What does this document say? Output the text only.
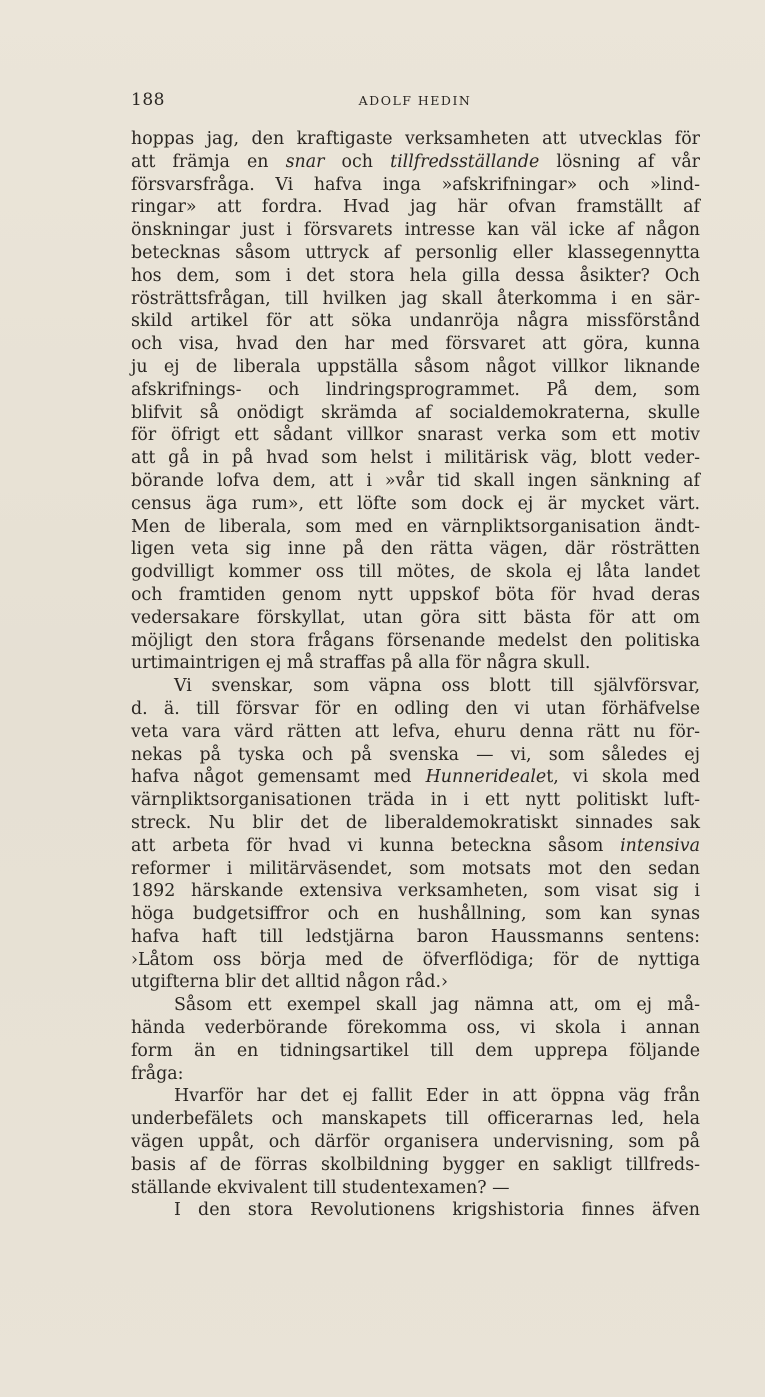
188	ADOLF HEDIN
hoppas jag, den kraftigaste verksamheten att utvecklas för
att främja en snar och tillfredsställande lösning af vår
försvarsfråga. Vi hafva inga »afskrifningar» och »lind-
ringar» att fordra. Hvad jag här ofvan framställt af
önskningar just i försvarets intresse kan väl icke af någon
betecknas såsom uttryck af personlig eller klassegennytta
hos dem, som i det stora hela gilla dessa åsikter? Och
rösträttsfrågan, till hvilken jag skall återkomma i en sär-
skild artikel för att söka undanröja några missförstånd
och visa, hvad den har med försvaret att göra, kunna
ju ej de liberala uppställa såsom något villkor liknande
afskrifnings- och lindringsprogrammet. På dem, som
blifvit så onödigt skrämda af socialdemokraterna, skulle
för öfrigt ett sådant villkor snarast verka som ett motiv
att gå in på hvad som helst i militärisk väg, blott veder-
börande lofva dem, att i »vår tid skall ingen sänkning af
census äga rum», ett löfte som dock ej är mycket värt.
Men de liberala, som med en värnpliktsorganisation ändt-
ligen veta sig inne på den rätta vägen, där rösträtten
godvilligt kommer oss till mötes, de skola ej låta landet
och framtiden genom nytt uppskof böta för hvad deras
vedersakare förskyllat, utan göra sitt bästa för att om
möjligt den stora frågans försenande medelst den politiska
urtimaintrigen ej må straffas på alla för några skull.
Vi svenskar, som väpna oss blott till självförsvar,
d. ä. till försvar för en odling den vi utan förhäfvelse
veta vara värd rätten att lefva, ehuru denna rätt nu för-
nekas på tyska och på svenska — vi, som således ej
hafva något gemensamt med Hunneridealet, vi skola med
värnpliktsorganisationen träda in i ett nytt politiskt luft-
streck. Nu blir det de liberaldemokratiskt sinnades sak
att arbeta för hvad vi kunna beteckna såsom intensiva
reformer i militärväsendet, som motsats mot den sedan
1892 härskande extensiva verksamheten, som visat sig i
höga budgetsiffror och en hushållning, som kan synas
hafva haft till ledstjärna baron Haussmanns sentens:
›Låtom oss börja med de öfverflödiga; för de nyttiga
utgifterna blir det alltid någon råd.›
Såsom ett exempel skall jag nämna att, om ej må-
hända vederbörande förekomma oss, vi skola i annan
form än en tidningsartikel till dem upprepa följande
fråga:
Hvarför har det ej fallit Eder in att öppna väg från
underbefälets och manskapets till officerarnas led, hela
vägen uppåt, och därför organisera undervisning, som på
basis af de förras skolbildning bygger en sakligt tillfreds-
ställande ekvivalent till studentexamen? —
I den stora Revolutionens krigshistoria finnes äfven
